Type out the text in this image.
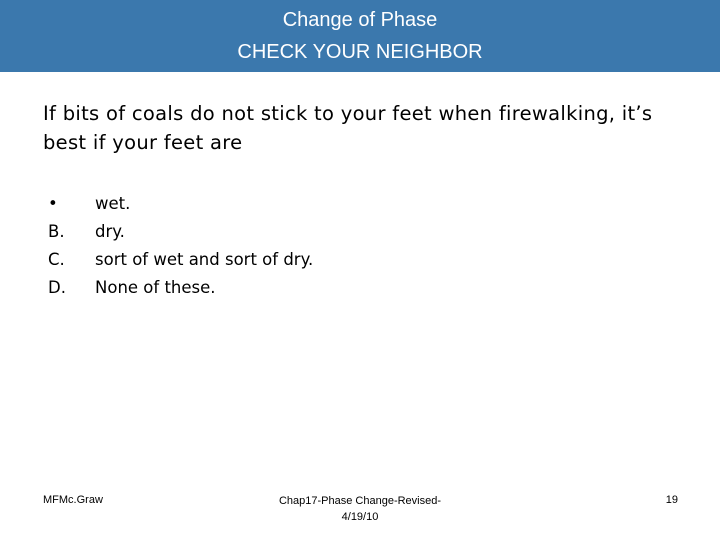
Change of Phase
CHECK YOUR NEIGHBOR
If bits of coals do not stick to your feet when firewalking, it’s best if your feet are
•	wet.
B.	dry.
C.	sort of wet and sort of dry.
D.	None of these.
MFMc.Graw	Chap17-Phase Change-Revised-
4/19/10
19
